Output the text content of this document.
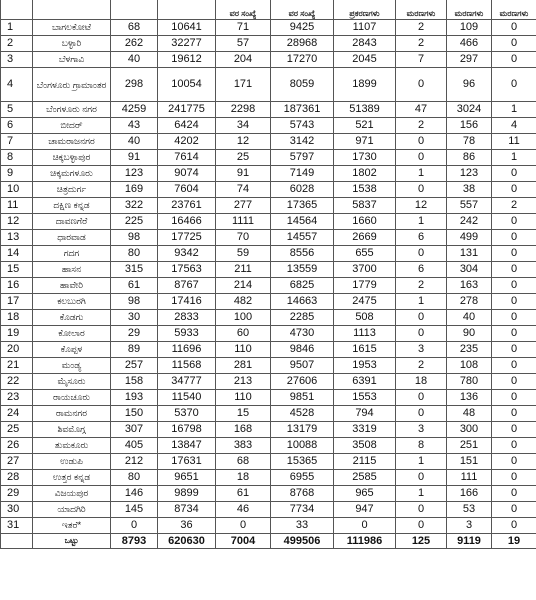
				ವರ ಸಂಖ್ಯೆ	ವರ ಸಂಖ್ಯೆ	ಪ್ರಕರಣಗಳು	ಮರಣಗಳು	ಮರಣಗಳು	ಮರಣಗಳು
1	ಬಾಗಲಕೋಟೆ	68	10641	71	9425	1107	2	109	0
2	ಬಳ್ಳಾರಿ	262	32277	57	28968	2843	2	466	0
3	ಬೆಳಗಾವಿ	40	19612	204	17270	2045	7	297	0
4	ಬೆಂಗಳೂರು ಗ್ರಾಮಾಂತರ	298	10054	171	8059	1899	0	96	0
5	ಬೆಂಗಳೂರು ನಗರ	4259	241775	2298	187361	51389	47	3024	1
6	ಬೀದರ್	43	6424	34	5743	521	2	156	4
7	ಚಾಮರಾಜನಗರ	40	4202	12	3142	971	0	78	11
8	ಚಿಕ್ಕಬಳ್ಳಾಪುರ	91	7614	25	5797	1730	0	86	1
9	ಚಿಕ್ಕಮಗಳೂರು	123	9074	91	7149	1802	1	123	0
10	ಚಿತ್ರದುರ್ಗ	169	7604	74	6028	1538	0	38	0
11	ದಕ್ಷಿಣ ಕನ್ನಡ	322	23761	277	17365	5837	12	557	2
12	ದಾವಣಗೆರೆ	225	16466	1111	14564	1660	1	242	0
13	ಧಾರವಾಡ	98	17725	70	14557	2669	6	499	0
14	ಗದಗ	80	9342	59	8556	655	0	131	0
15	ಹಾಸನ	315	17563	211	13559	3700	6	304	0
16	ಹಾವೇರಿ	61	8767	214	6825	1779	2	163	0
17	ಕಲಬುರಗಿ	98	17416	482	14663	2475	1	278	0
18	ಕೊಡಗು	30	2833	100	2285	508	0	40	0
19	ಕೋಲಾರ	29	5933	60	4730	1113	0	90	0
20	ಕೊಪ್ಪಳ	89	11696	110	9846	1615	3	235	0
21	ಮಂಡ್ಯ	257	11568	281	9507	1953	2	108	0
22	ಮೈಸೂರು	158	34777	213	27606	6391	18	780	0
23	ರಾಯಚೂರು	193	11540	110	9851	1553	0	136	0
24	ರಾಮನಗರ	150	5370	15	4528	794	0	48	0
25	ಶಿವಮೊಗ್ಗ	307	16798	168	13179	3319	3	300	0
26	ತುಮಕೂರು	405	13847	383	10088	3508	8	251	0
27	ಉಡುಪಿ	212	17631	68	15365	2115	1	151	0
28	ಉತ್ತರ ಕನ್ನಡ	80	9651	18	6955	2585	0	111	0
29	ವಿಜಯಪುರ	146	9899	61	8768	965	1	166	0
30	ಯಾದಗಿರಿ	145	8734	46	7734	947	0	53	0
31	ಇತರೆ*	0	36	0	33	0	0	3	0
	ಒಟ್ಟು	8793	620630	7004	499506	111986	125	9119	19
